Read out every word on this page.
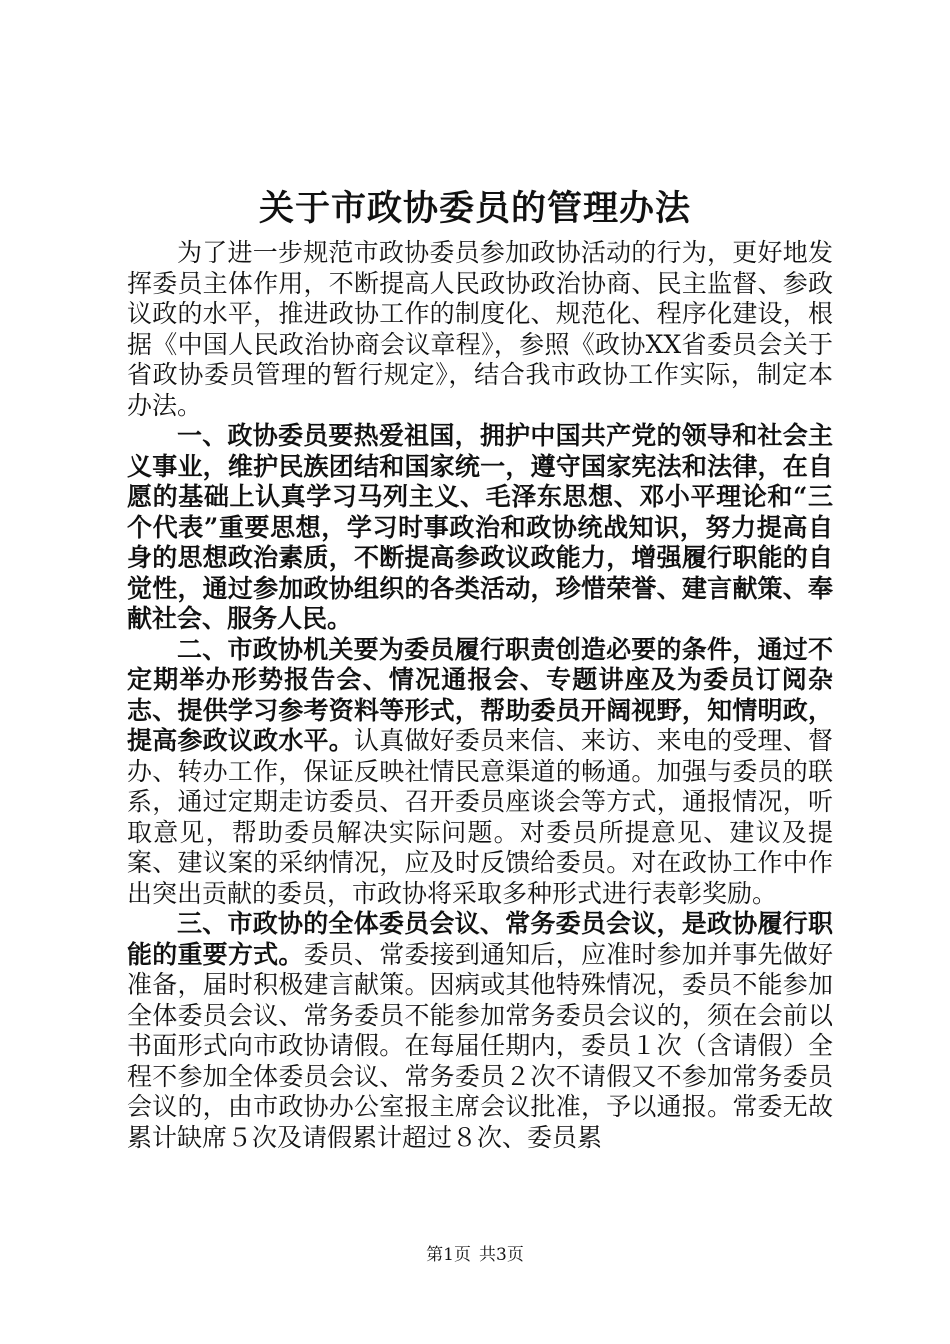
关于市政协委员的管理办法

为了进一步规范市政协委员参加政协活动的行为，更好地发挥委员主体作用，不断提高人民政协政治协商、民主监督、参政议政的水平，推进政协工作的制度化、规范化、程序化建设，根据《中国人民政治协商会议章程》，参照《政协XX省委员会关于省政协委员管理的暂行规定》，结合我市政协工作实际，制定本办法。

一、政协委员要热爱祖国，拥护中国共产党的领导和社会主义事业，维护民族团结和国家统一，遵守国家宪法和法律，在自愿的基础上认真学习马列主义、毛泽东思想、邓小平理论和“三个代表”重要思想，学习时事政治和政协统战知识，努力提高自身的思想政治素质，不断提高参政议政能力，增强履行职能的自觉性，通过参加政协组织的各类活动，珍惜荣誉、建言献策、奉献社会、服务人民。

二、市政协机关要为委员履行职责创造必要的条件，通过不定期举办形势报告会、情况通报会、专题讲座及为委员订阅杂志、提供学习参考资料等形式，帮助委员开阔视野，知情明政，提高参政议政水平。认真做好委员来信、来访、来电的受理、督办、转办工作，保证反映社情民意渠道的畅通。加强与委员的联系，通过定期走访委员、召开委员座谈会等方式，通报情况，听取意见，帮助委员解决实际问题。对委员所提意见、建议及提案、建议案的采纳情况，应及时反馈给委员。对在政协工作中作出突出贡献的委员，市政协将采取多种形式进行表彰奖励。

三、市政协的全体委员会议、常务委员会议，是政协履行职能的重要方式。委员、常委接到通知后，应准时参加并事先做好准备，届时积极建言献策。因病或其他特殊情况，委员不能参加全体委员会议、常务委员不能参加常务委员会议的，须在会前以书面形式向市政协请假。在每届任期内，委员１次（含请假）全程不参加全体委员会议、常务委员２次不请假又不参加常务委员会议的，由市政协办公室报主席会议批准，予以通报。常委无故累计缺席５次及请假累计超过８次、委员累

第1页 共3页
